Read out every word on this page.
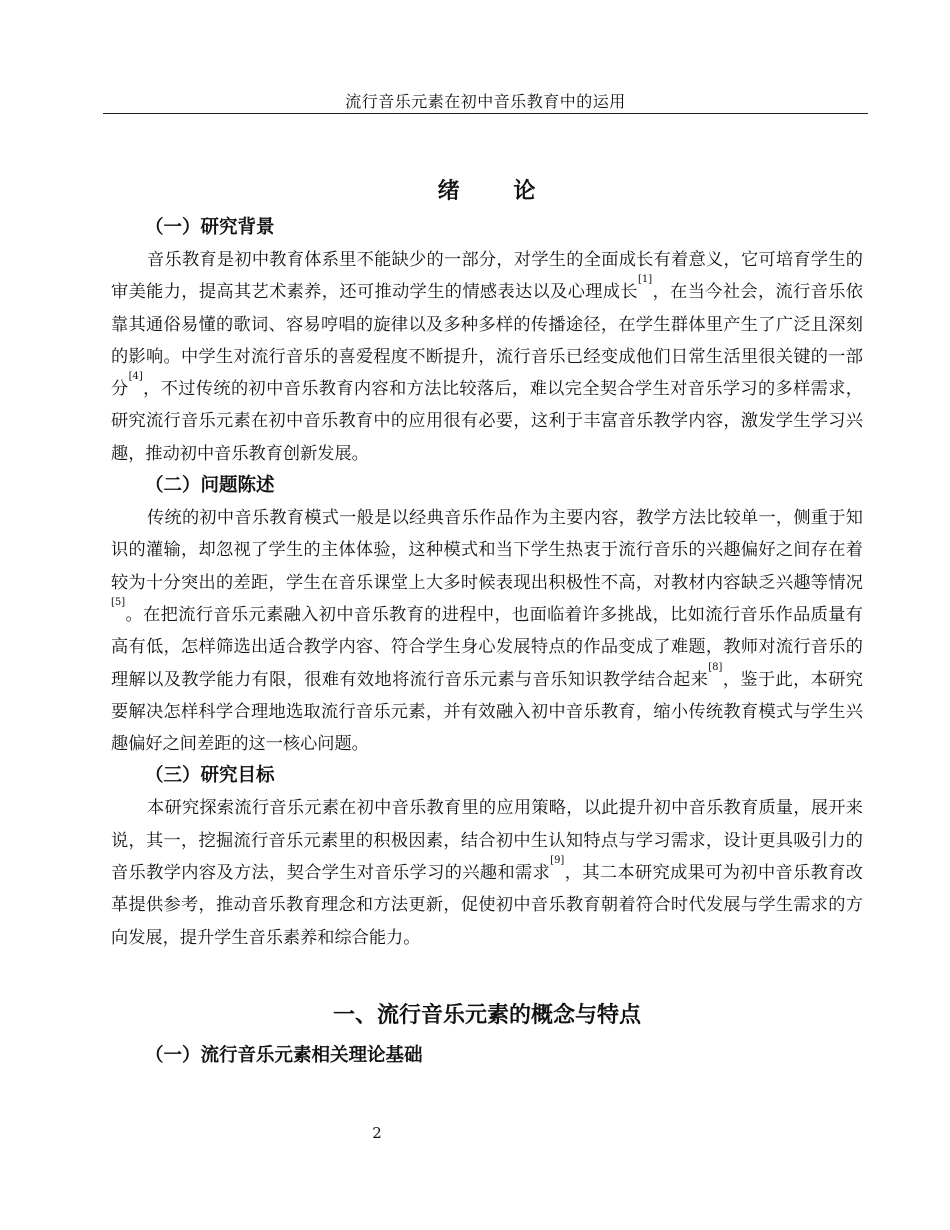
流行音乐元素在初中音乐教育中的运用
绪 论
（一）研究背景

音乐教育是初中教育体系里不能缺少的一部分，对学生的全面成长有着意义，它可培育学生的审美能力，提高其艺术素养，还可推动学生的情感表达以及心理成长[1]，在当今社会，流行音乐依靠其通俗易懂的歌词、容易哼唱的旋律以及多种多样的传播途径，在学生群体里产生了广泛且深刻的影响。中学生对流行音乐的喜爱程度不断提升，流行音乐已经变成他们日常生活里很关键的一部分[4]，不过传统的初中音乐教育内容和方法比较落后，难以完全契合学生对音乐学习的多样需求，研究流行音乐元素在初中音乐教育中的应用很有必要，这利于丰富音乐教学内容，激发学生学习兴趣，推动初中音乐教育创新发展。

（二）问题陈述

传统的初中音乐教育模式一般是以经典音乐作品作为主要内容，教学方法比较单一，侧重于知识的灌输，却忽视了学生的主体体验，这种模式和当下学生热衷于流行音乐的兴趣偏好之间存在着较为十分突出的差距，学生在音乐课堂上大多时候表现出积极性不高，对教材内容缺乏兴趣等情况[5]。在把流行音乐元素融入初中音乐教育的进程中，也面临着许多挑战，比如流行音乐作品质量有高有低，怎样筛选出适合教学内容、符合学生身心发展特点的作品变成了难题，教师对流行音乐的理解以及教学能力有限，很难有效地将流行音乐元素与音乐知识教学结合起来[8]，鉴于此，本研究要解决怎样科学合理地选取流行音乐元素，并有效融入初中音乐教育，缩小传统教育模式与学生兴趣偏好之间差距的这一核心问题。

（三）研究目标

本研究探索流行音乐元素在初中音乐教育里的应用策略，以此提升初中音乐教育质量，展开来说，其一，挖掘流行音乐元素里的积极因素，结合初中生认知特点与学习需求，设计更具吸引力的音乐教学内容及方法，契合学生对音乐学习的兴趣和需求[9]，其二本研究成果可为初中音乐教育改革提供参考，推动音乐教育理念和方法更新，促使初中音乐教育朝着符合时代发展与学生需求的方向发展，提升学生音乐素养和综合能力。

一、流行音乐元素的概念与特点
（一）流行音乐元素相关理论基础
2
